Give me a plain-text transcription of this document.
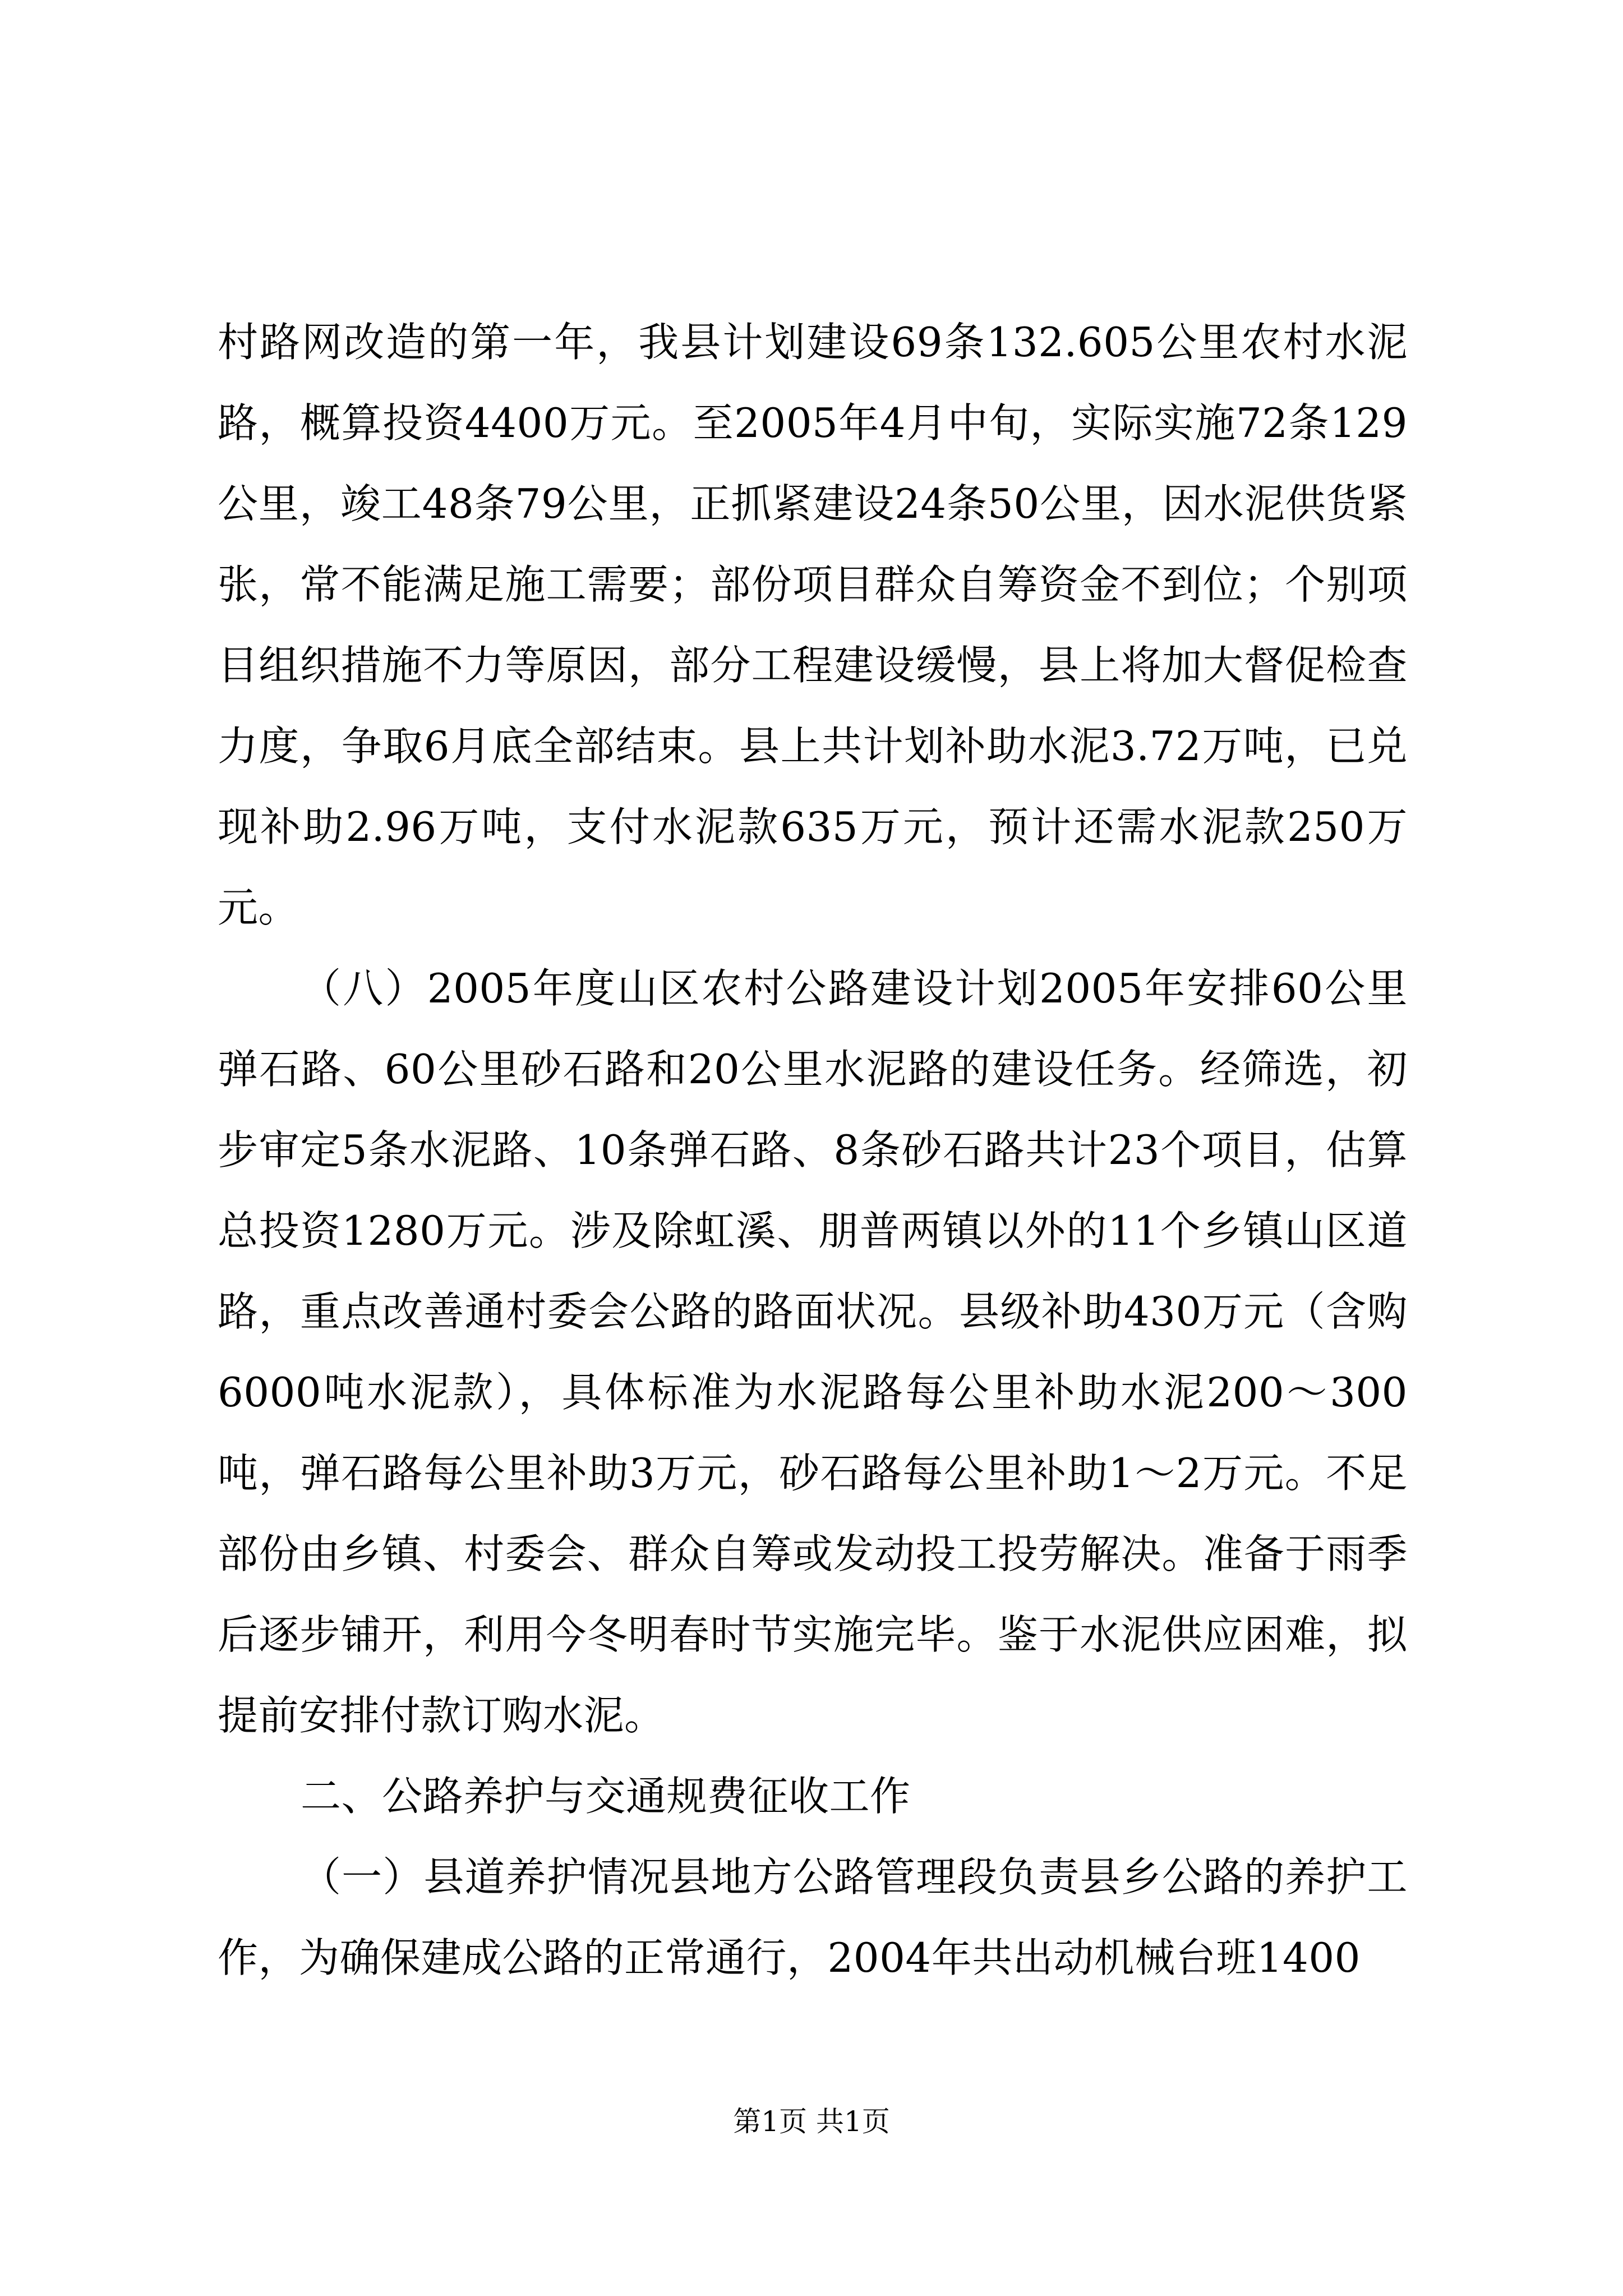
村路网改造的第一年，我县计划建设69条132.605公里农村水泥路，概算投资4400万元。至2005年4月中旬，实际实施72条129公里，竣工48条79公里，正抓紧建设24条50公里，因水泥供货紧张，常不能满足施工需要；部份项目群众自筹资金不到位；个别项目组织措施不力等原因，部分工程建设缓慢，县上将加大督促检查力度，争取6月底全部结束。县上共计划补助水泥3.72万吨，已兑现补助2.96万吨，支付水泥款635万元，预计还需水泥款250万元。

（八）2005年度山区农村公路建设计划2005年安排60公里弹石路、60公里砂石路和20公里水泥路的建设任务。经筛选，初步审定5条水泥路、10条弹石路、8条砂石路共计23个项目，估算总投资1280万元。涉及除虹溪、朋普两镇以外的11个乡镇山区道路，重点改善通村委会公路的路面状况。县级补助430万元（含购6000吨水泥款），具体标准为水泥路每公里补助水泥200～300吨，弹石路每公里补助3万元，砂石路每公里补助1～2万元。不足部份由乡镇、村委会、群众自筹或发动投工投劳解决。准备于雨季后逐步铺开，利用今冬明春时节实施完毕。鉴于水泥供应困难，拟提前安排付款订购水泥。

二、公路养护与交通规费征收工作

（一）县道养护情况县地方公路管理段负责县乡公路的养护工作，为确保建成公路的正常通行，2004年共出动机械台班1400

第1页 共1页
